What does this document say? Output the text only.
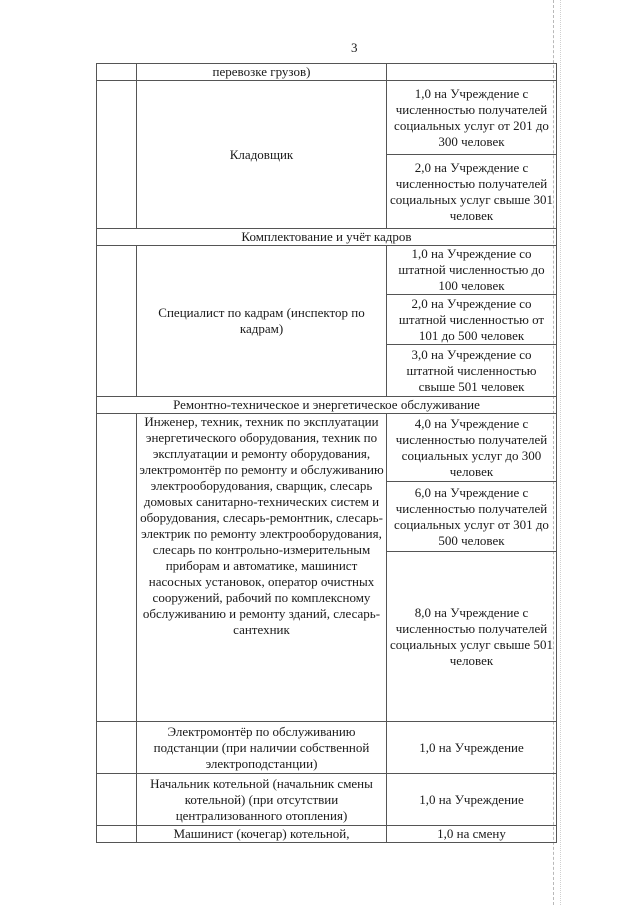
3
	перевозке грузов)	
	Кладовщик	1,0 на Учреждение с численностью получателей социальных услуг от 201 до 300 человек
		2,0 на Учреждение с численностью получателей социальных услуг свыше 301 человек
Комплектование и учёт кадров		
	Специалист по кадрам (инспектор по кадрам)	1,0 на Учреждение со штатной численностью до 100 человек
		2,0 на Учреждение со штатной численностью от 101 до 500 человек
		3,0 на Учреждение со штатной численностью свыше 501 человек
Ремонтно-техническое и энергетическое обслуживание		
	Инженер, техник, техник по эксплуатации энергетического оборудования, техник по эксплуатации и ремонту оборудования, электромонтёр по ремонту и обслуживанию электрооборудования, сварщик, слесарь домовых санитарно-технических систем и оборудования, слесарь-ремонтник, слесарь-электрик по ремонту электрооборудования, слесарь по контрольно-измерительным приборам и автоматике, машинист насосных установок, оператор очистных сооружений, рабочий по комплексному обслуживанию и ремонту зданий, слесарь-сантехник	4,0 на Учреждение с численностью получателей социальных услуг до 300 человек
		6,0 на Учреждение с численностью получателей социальных услуг от 301 до 500 человек
		8,0 на Учреждение с численностью получателей социальных услуг свыше 501 человек
	Электромонтёр по обслуживанию подстанции (при наличии собственной электроподстанции)	1,0 на Учреждение
	Начальник котельной (начальник смены котельной) (при отсутствии централизованного отопления)	1,0 на Учреждение
	Машинист (кочегар) котельной,	1,0 на смену
